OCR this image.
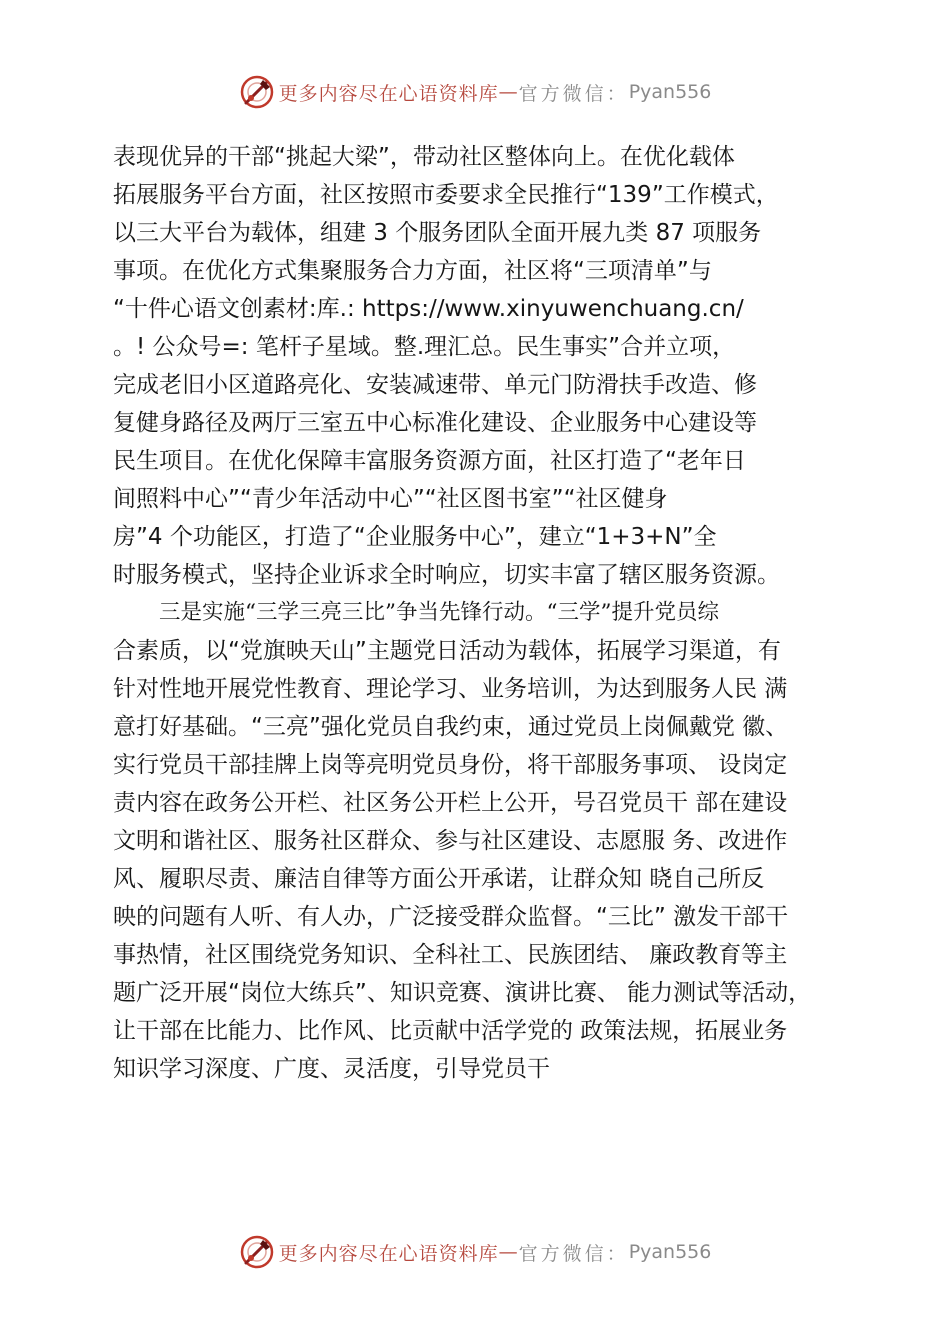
更多内容尽在心语资料库 — 官方微信： Pyan556
表现优异的干部“挑起大梁”，带动社区整体向上。在优化载体
拓展服务平台方面，社区按照市委要求全民推行“139”工作模式，
以三大平台为载体，组建 3 个服务团队全面开展九类 87 项服务
事项。在优化方式集聚服务合力方面，社区将“三项清单”与
“十件心语文创素材:库.: https://www.xinyuwenchuang.cn/
。! 公众号=: 笔杆子星域。整.理汇总。民生事实”合并立项，
完成老旧小区道路亮化、安装减速带、单元门防滑扶手改造、修
复健身路径及两厅三室五中心标准化建设、企业服务中心建设等
民生项目。在优化保障丰富服务资源方面，社区打造了“老年日
间照料中心”“青少年活动中心”“社区图书室”“社区健身
房”4 个功能区，打造了“企业服务中心”，建立“1+3+N”全
时服务模式，坚持企业诉求全时响应，切实丰富了辖区服务资源。
三是实施“三学三亮三比”争当先锋行动。“三学”提升党员综
合素质，以“党旗映天山”主题党日活动为载体，拓展学习渠道，有
针对性地开展党性教育、理论学习、业务培训，为达到服务人民 满
意打好基础。“三亮”强化党员自我约束，通过党员上岗佩戴党 徽、
实行党员干部挂牌上岗等亮明党员身份，将干部服务事项、 设岗定
责内容在政务公开栏、社区务公开栏上公开，号召党员干 部在建设
文明和谐社区、服务社区群众、参与社区建设、志愿服 务、改进作
风、履职尽责、廉洁自律等方面公开承诺，让群众知 晓自己所反
映的问题有人听、有人办，广泛接受群众监督。“三比” 激发干部干
事热情，社区围绕党务知识、全科社工、民族团结、 廉政教育等主
题广泛开展“岗位大练兵”、知识竞赛、演讲比赛、 能力测试等活动，
让干部在比能力、比作风、比贡献中活学党的 政策法规，拓展业务
知识学习深度、广度、灵活度，引导党员干
更多内容尽在心语资料库 — 官方微信： Pyan556
